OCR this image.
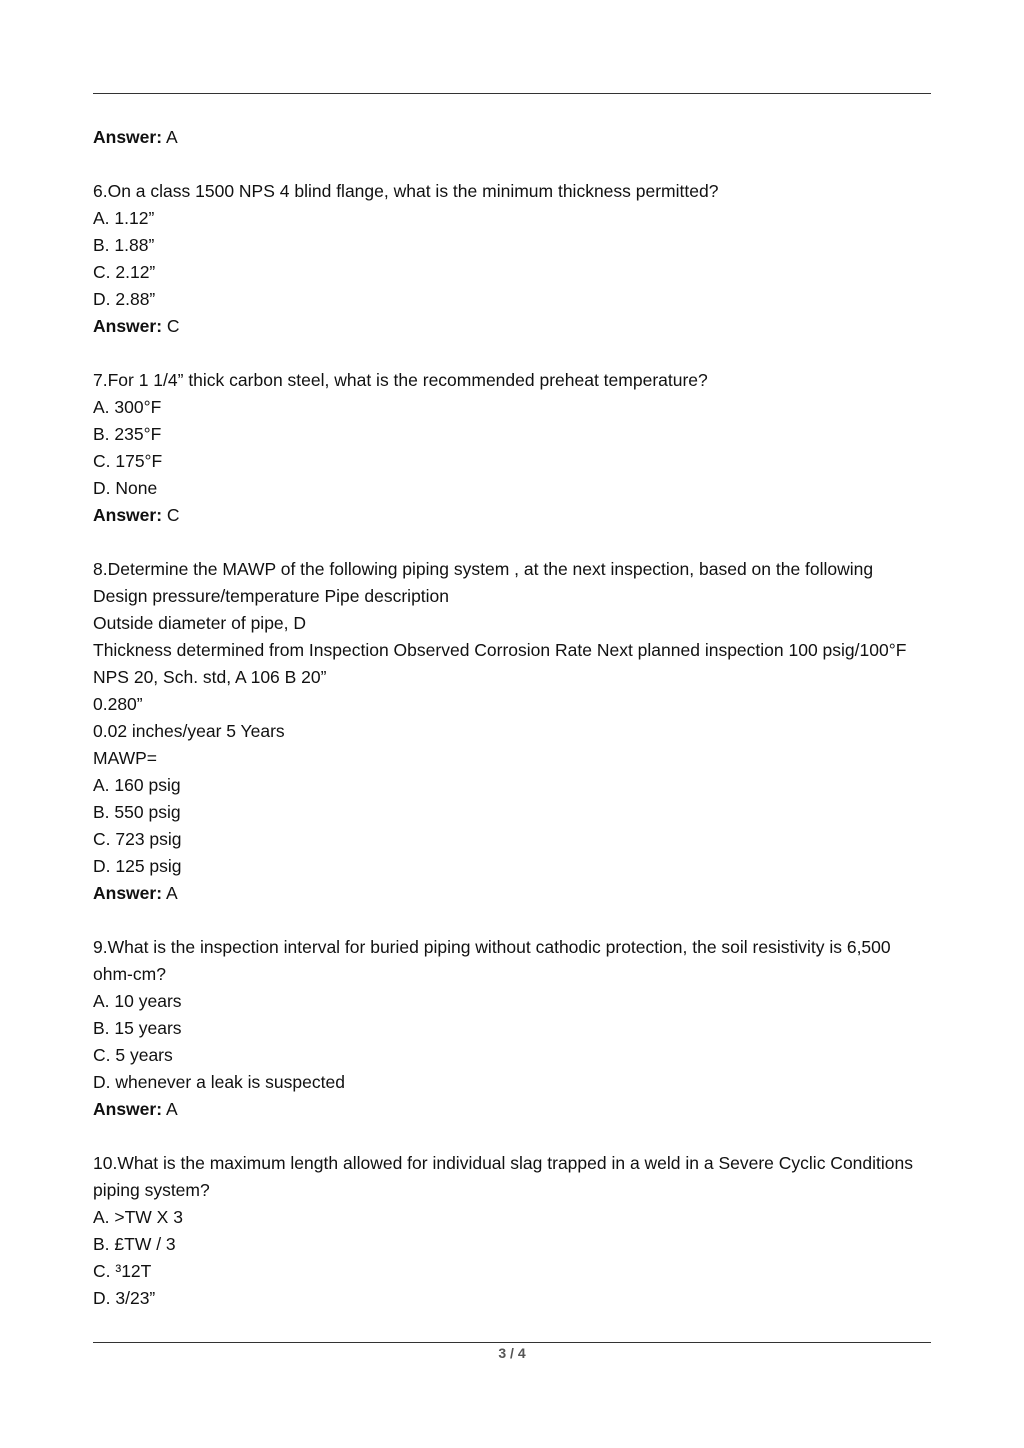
Answer: A
6.On a class 1500 NPS 4 blind flange, what is the minimum thickness permitted?
A. 1.12”
B. 1.88”
C. 2.12”
D. 2.88”
Answer: C
7.For 1 1/4” thick carbon steel, what is the recommended preheat temperature?
A. 300°F
B. 235°F
C. 175°F
D. None
Answer: C
8.Determine the MAWP of the following piping system , at the next inspection, based on the following
Design pressure/temperature Pipe description
Outside diameter of pipe, D
Thickness determined from Inspection Observed Corrosion Rate Next planned inspection 100 psig/100°F
NPS 20, Sch. std, A 106 B 20”
0.280”
0.02 inches/year 5 Years
MAWP=
A. 160 psig
B. 550 psig
C. 723 psig
D. 125 psig
Answer: A
9.What is the inspection interval for buried piping without cathodic protection, the soil resistivity is 6,500
ohm-cm?
A. 10 years
B. 15 years
C. 5 years
D. whenever a leak is suspected
Answer: A
10.What is the maximum length allowed for individual slag trapped in a weld in a Severe Cyclic Conditions
piping system?
A. >TW X 3
B. £TW / 3
C. ³12T
D. 3/23”
3 / 4
